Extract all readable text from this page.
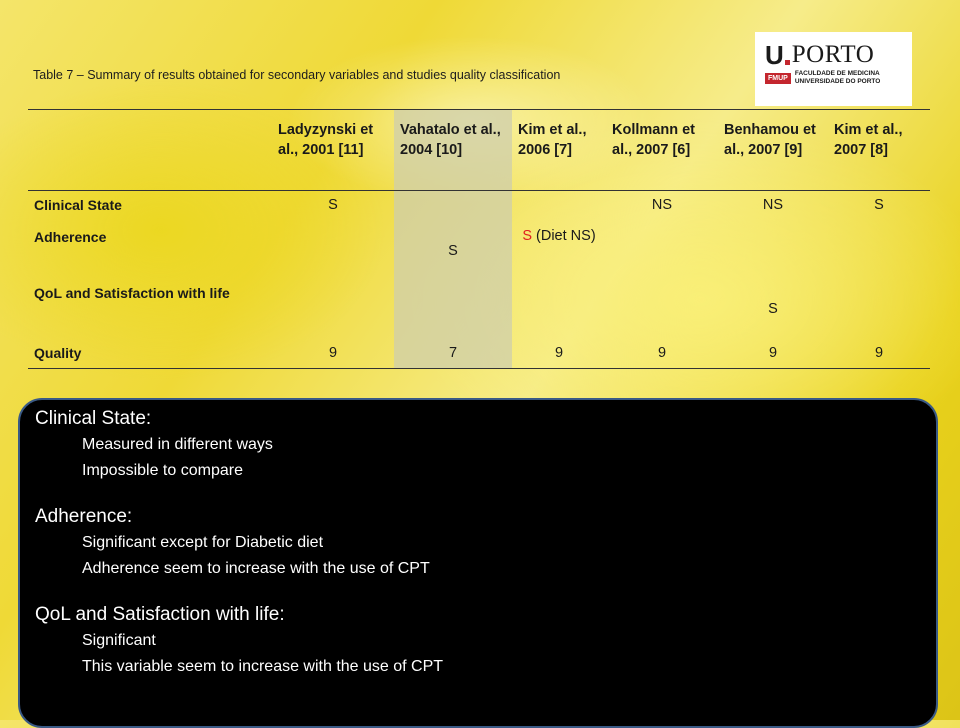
Table 7 – Summary of results obtained for secondary variables and studies quality classification
U PORTO
FMUP
FACULDADE DE MEDICINA
UNIVERSIDADE DO PORTO
	Ladyzynski et al., 2001 [11]	Vahatalo et al., 2004 [10]	Kim et al., 2006 [7]	Kollmann et al., 2007 [6]	Benhamou et al., 2007 [9]	Kim et al., 2007 [8]
Clinical State	S			NS	NS	S
Adherence		S	S (Diet NS)			
QoL and Satisfaction with life					S	
Quality	9	7	9	9	9	9

Clinical State:

Measured in different ways

Impossible to compare

Adherence:

Significant except for Diabetic diet

Adherence seem to increase with the use of CPT

QoL and Satisfaction with life:

Significant

This variable seem to increase with the use of CPT
